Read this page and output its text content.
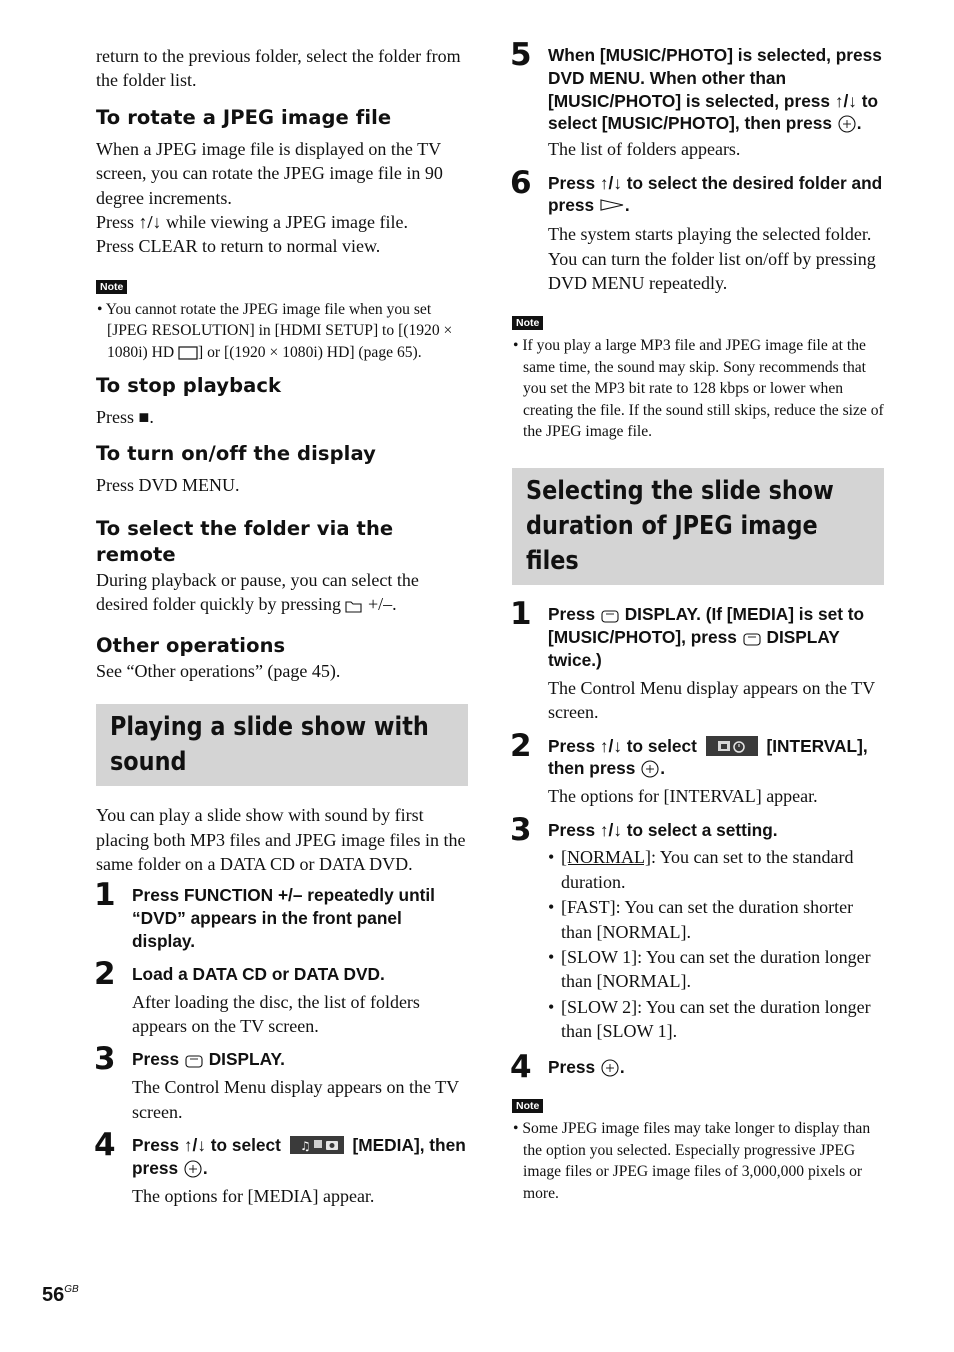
return to the previous folder, select the folder from the folder list.

To rotate a JPEG image file

When a JPEG image file is displayed on the TV screen, you can rotate the JPEG image file in 90 degree increments.

Press ↑/↓ while viewing a JPEG image file.

Press CLEAR to return to normal view.

Note

• You cannot rotate the JPEG image file when you set [JPEG RESOLUTION] in [HDMI SETUP] to [(1920 × 1080i) HD ] or [(1920 × 1080i) HD] (page 65).

To stop playback

Press ■.

To turn on/off the display

Press DVD MENU.

To select the folder via the remote

During playback or pause, you can select the desired folder quickly by pressing  +/–.

Other operations

See “Other operations” (page 45).

Playing a slide show with sound

You can play a slide show with sound by first placing both MP3 files and JPEG image files in the same folder on a DATA CD or DATA DVD.

1 Press FUNCTION +/– repeatedly until “DVD” appears in the front panel display.

2 Load a DATA CD or DATA DVD.

After loading the disc, the list of folders appears on the TV screen.

3 Press  DISPLAY.

The Control Menu display appears on the TV screen.

4 Press ↑/↓ to select ♫ [MEDIA], then press .

The options for [MEDIA] appear.

5 When [MUSIC/PHOTO] is selected, press DVD MENU. When other than [MUSIC/PHOTO] is selected, press ↑/↓ to select [MUSIC/PHOTO], then press .

The list of folders appears.

6 Press ↑/↓ to select the desired folder and press .

The system starts playing the selected folder.

You can turn the folder list on/off by pressing DVD MENU repeatedly.

Note

• If you play a large MP3 file and JPEG image file at the same time, the sound may skip. Sony recommends that you set the MP3 bit rate to 128 kbps or lower when creating the file. If the sound still skips, reduce the size of the JPEG image file.

Selecting the slide show duration of JPEG image files
1 Press  DISPLAY. (If [MEDIA] is set to [MUSIC/PHOTO], press  DISPLAY twice.)

The Control Menu display appears on the TV screen.

2 Press ↑/↓ to select	[INTERVAL], then press .

The options for [INTERVAL] appear.

3 Press ↑/↓ to select a setting.

• [NORMAL]: You can set to the standard duration.

• [FAST]: You can set the duration shorter than [NORMAL].

• [SLOW 1]: You can set the duration longer than [NORMAL].

• [SLOW 2]: You can set the duration longer than [SLOW 1].

4 Press .

Note

• Some JPEG image files may take longer to display than the option you selected. Especially progressive JPEG image files or JPEG image files of 3,000,000 pixels or more.

$56^{GB}$
